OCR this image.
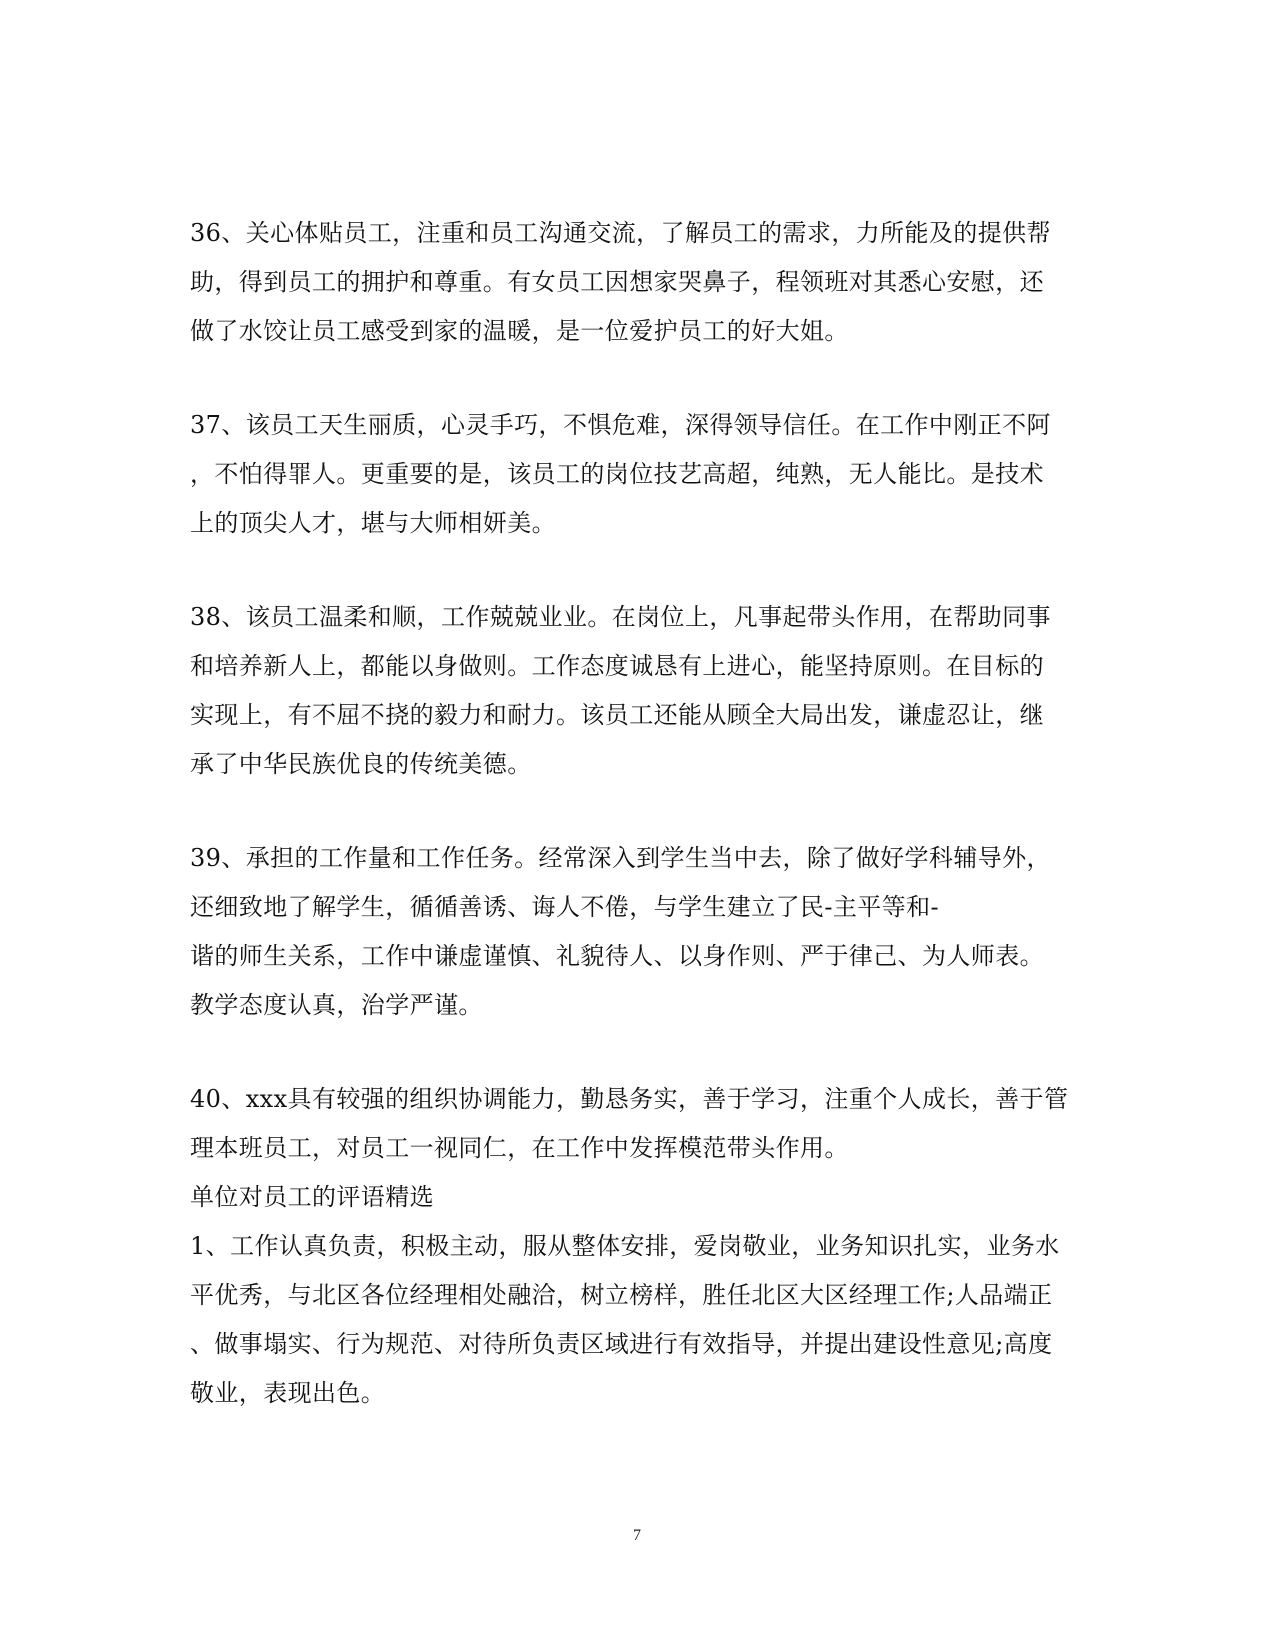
36、关心体贴员工，注重和员工沟通交流，了解员工的需求，力所能及的提供帮
助，得到员工的拥护和尊重。有女员工因想家哭鼻子，程领班对其悉心安慰，还
做了水饺让员工感受到家的温暖，是一位爱护员工的好大姐。

37、该员工天生丽质，心灵手巧，不惧危难，深得领导信任。在工作中刚正不阿
，不怕得罪人。更重要的是，该员工的岗位技艺高超，纯熟，无人能比。是技术
上的顶尖人才，堪与大师相妍美。

38、该员工温柔和顺，工作兢兢业业。在岗位上，凡事起带头作用，在帮助同事
和培养新人上，都能以身做则。工作态度诚恳有上进心，能坚持原则。在目标的
实现上，有不屈不挠的毅力和耐力。该员工还能从顾全大局出发，谦虚忍让，继
承了中华民族优良的传统美德。

39、承担的工作量和工作任务。经常深入到学生当中去，除了做好学科辅导外，
还细致地了解学生，循循善诱、诲人不倦，与学生建立了民-主平等和-
谐的师生关系，工作中谦虚谨慎、礼貌待人、以身作则、严于律己、为人师表。
教学态度认真，治学严谨。

40、xxx具有较强的组织协调能力，勤恳务实，善于学习，注重个人成长，善于管
理本班员工，对员工一视同仁，在工作中发挥模范带头作用。

单位对员工的评语精选

1、工作认真负责，积极主动，服从整体安排，爱岗敬业，业务知识扎实，业务水
平优秀，与北区各位经理相处融洽，树立榜样，胜任北区大区经理工作;人品端正
、做事塌实、行为规范、对待所负责区域进行有效指导，并提出建设性意见;高度
敬业，表现出色。

7
